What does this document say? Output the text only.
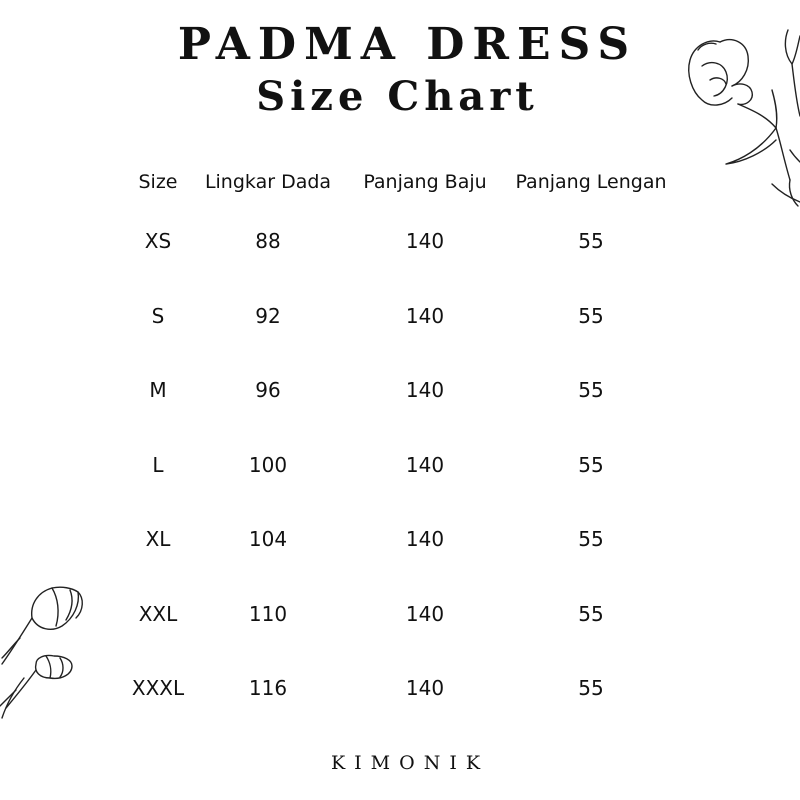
PADMA DRESS
Size Chart
Size	Lingkar Dada	Panjang Baju	Panjang Lengan
XS	88	140	55
S	92	140	55
M	96	140	55
L	100	140	55
XL	104	140	55
XXL	110	140	55
XXXL	116	140	55
KIMONIK
